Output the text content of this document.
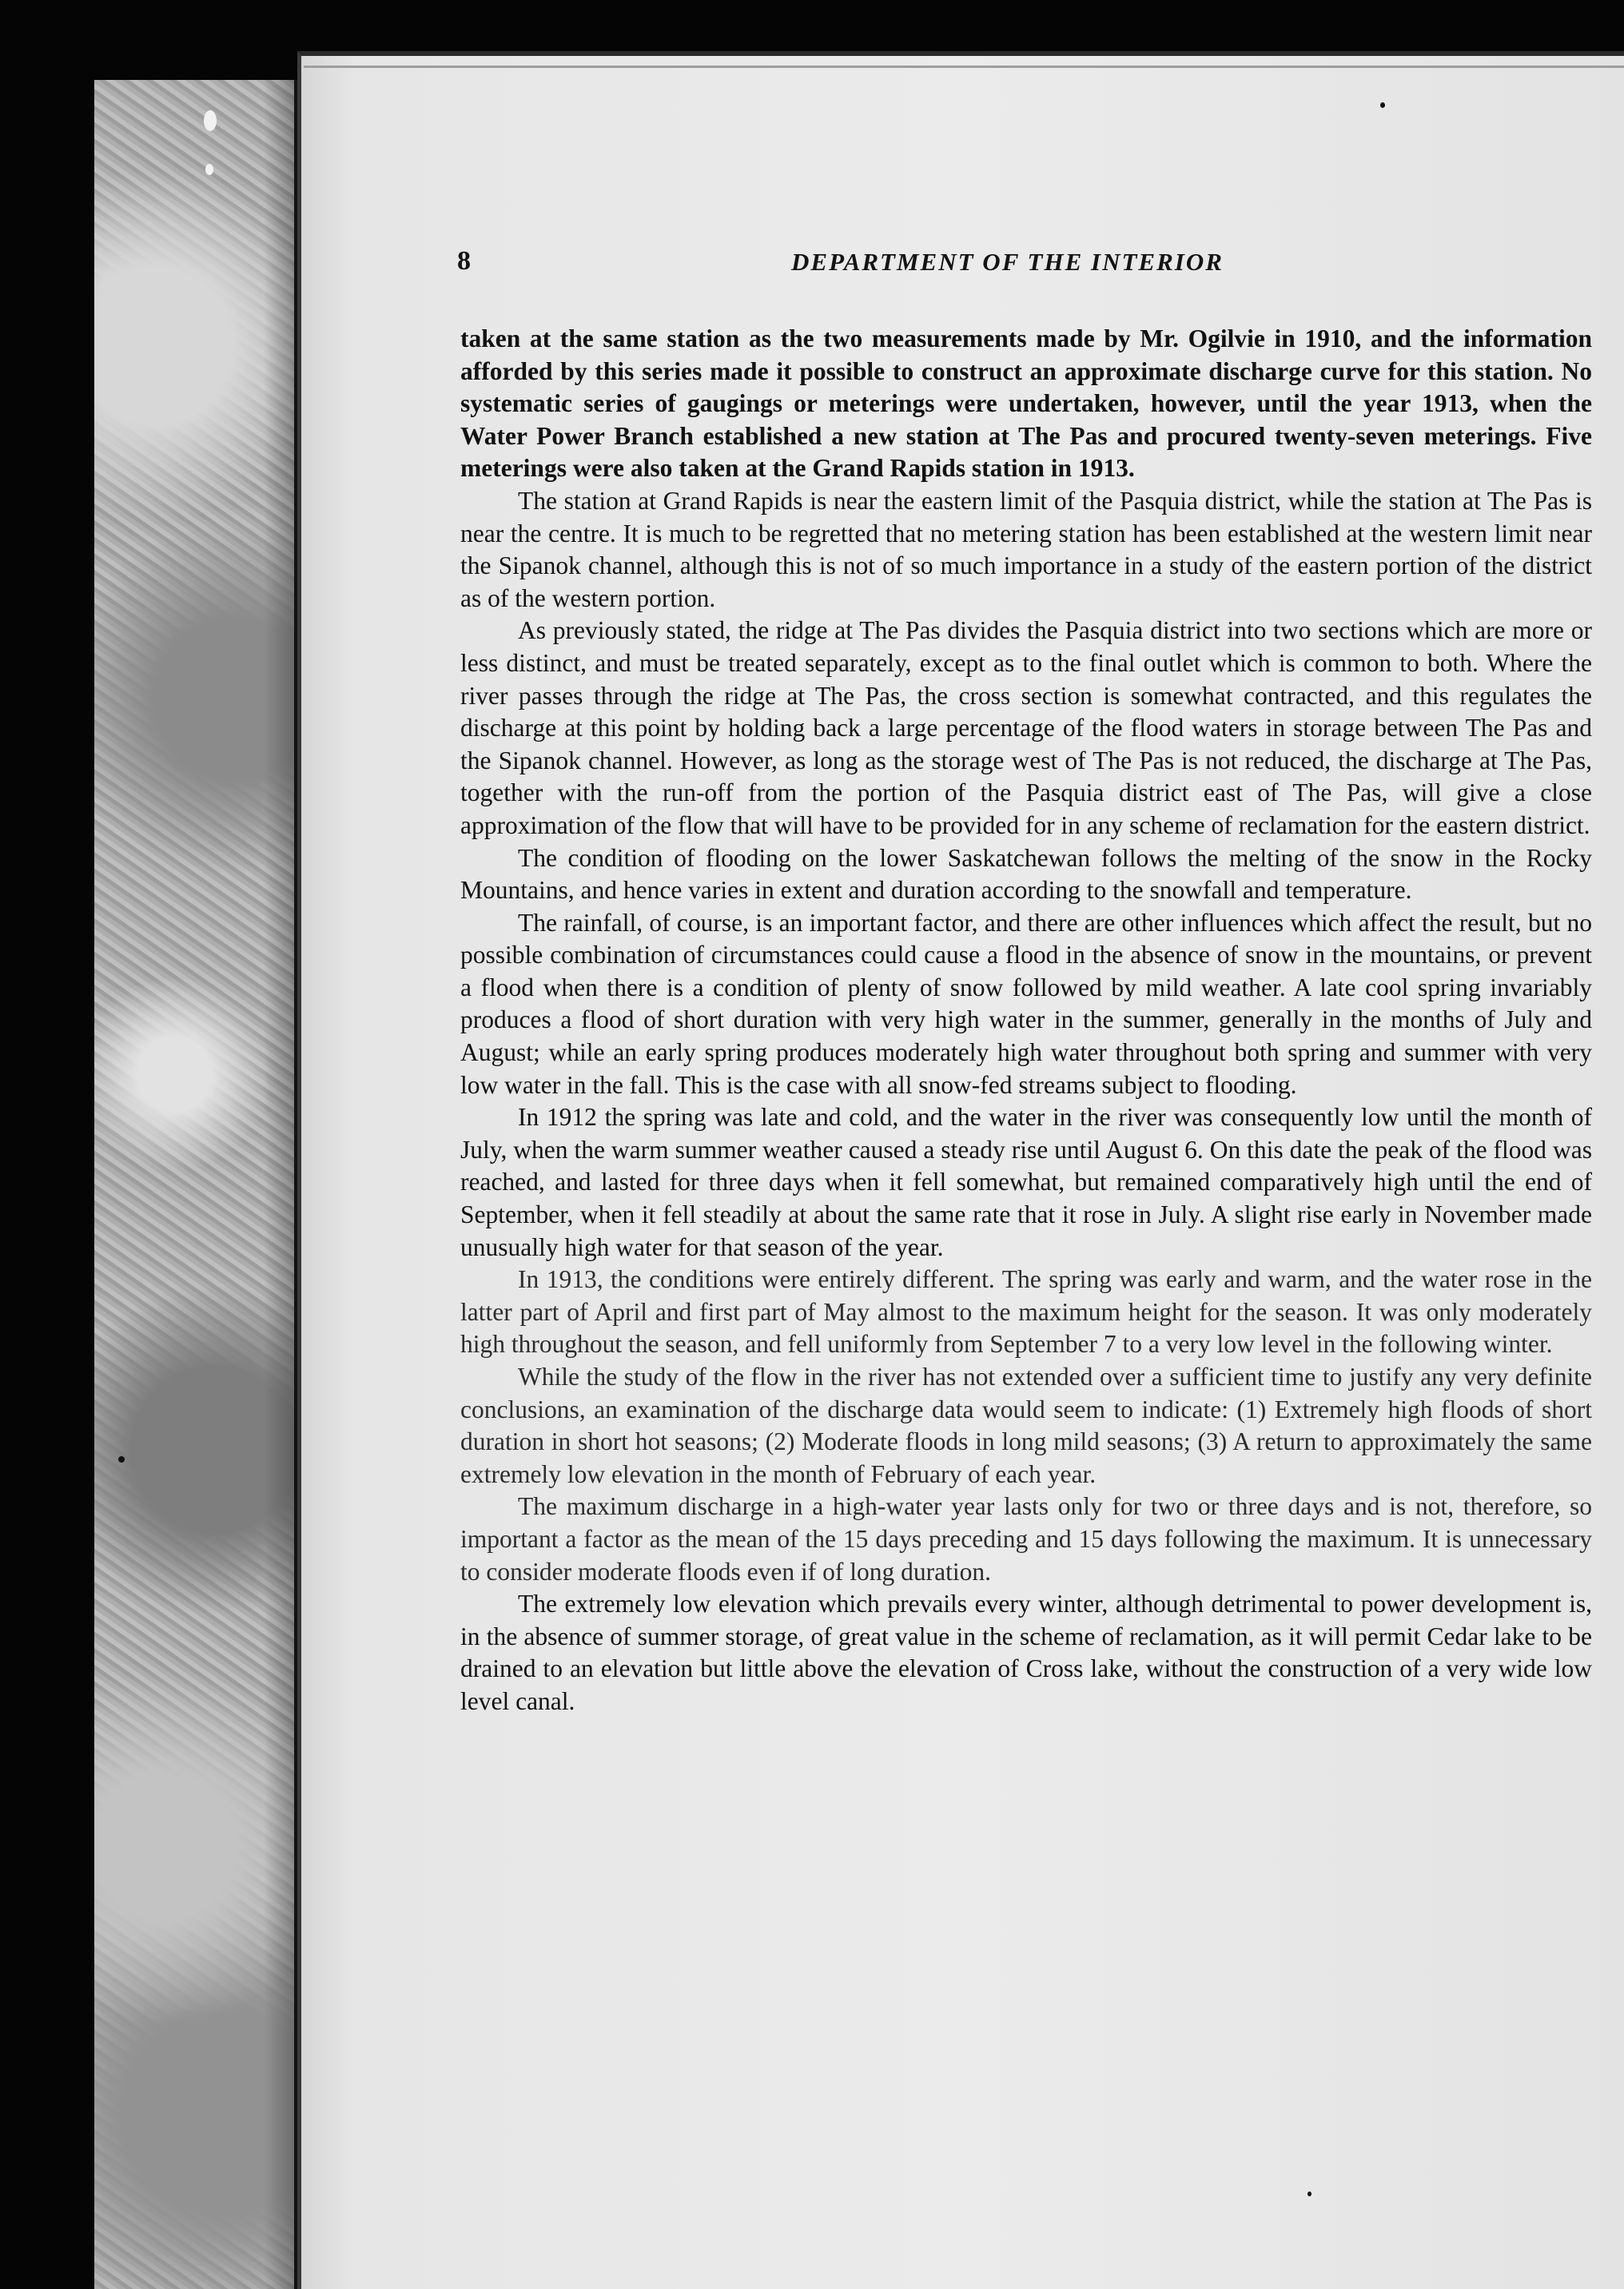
8	DEPARTMENT OF THE INTERIOR

taken at the same station as the two measurements made by Mr. Ogilvie in 1910, and the information afforded by this series made it possible to construct an approximate discharge curve for this station. No systematic series of gaugings or meterings were undertaken, however, until the year 1913, when the Water Power Branch established a new station at The Pas and procured twenty-seven meterings. Five meterings were also taken at the Grand Rapids station in 1913.

The station at Grand Rapids is near the eastern limit of the Pasquia district, while the station at The Pas is near the centre. It is much to be regretted that no metering station has been established at the western limit near the Sipanok channel, although this is not of so much importance in a study of the eastern portion of the district as of the western portion.

As previously stated, the ridge at The Pas divides the Pasquia district into two sections which are more or less distinct, and must be treated separately, except as to the final outlet which is common to both. Where the river passes through the ridge at The Pas, the cross section is somewhat contracted, and this regulates the discharge at this point by holding back a large percentage of the flood waters in storage between The Pas and the Sipanok channel. However, as long as the storage west of The Pas is not reduced, the discharge at The Pas, together with the run-off from the portion of the Pasquia district east of The Pas, will give a close approximation of the flow that will have to be provided for in any scheme of reclamation for the eastern district.

The condition of flooding on the lower Saskatchewan follows the melting of the snow in the Rocky Mountains, and hence varies in extent and duration according to the snowfall and temperature.

The rainfall, of course, is an important factor, and there are other influences which affect the result, but no possible combination of circumstances could cause a flood in the absence of snow in the mountains, or prevent a flood when there is a condition of plenty of snow followed by mild weather. A late cool spring invariably produces a flood of short duration with very high water in the summer, generally in the months of July and August; while an early spring produces moderately high water throughout both spring and summer with very low water in the fall. This is the case with all snow-fed streams subject to flooding.

In 1912 the spring was late and cold, and the water in the river was consequently low until the month of July, when the warm summer weather caused a steady rise until August 6. On this date the peak of the flood was reached, and lasted for three days when it fell somewhat, but remained comparatively high until the end of September, when it fell steadily at about the same rate that it rose in July. A slight rise early in November made unusually high water for that season of the year.

In 1913, the conditions were entirely different. The spring was early and warm, and the water rose in the latter part of April and first part of May almost to the maximum height for the season. It was only moderately high throughout the season, and fell uniformly from September 7 to a very low level in the following winter.

While the study of the flow in the river has not extended over a sufficient time to justify any very definite conclusions, an examination of the discharge data would seem to indicate: (1) Extremely high floods of short duration in short hot seasons; (2) Moderate floods in long mild seasons; (3) A return to approximately the same extremely low elevation in the month of February of each year.

The maximum discharge in a high-water year lasts only for two or three days and is not, therefore, so important a factor as the mean of the 15 days preceding and 15 days following the maximum. It is unnecessary to consider moderate floods even if of long duration.

The extremely low elevation which prevails every winter, although detrimental to power development is, in the absence of summer storage, of great value in the scheme of reclamation, as it will permit Cedar lake to be drained to an elevation but little above the elevation of Cross lake, without the construction of a very wide low level canal.
